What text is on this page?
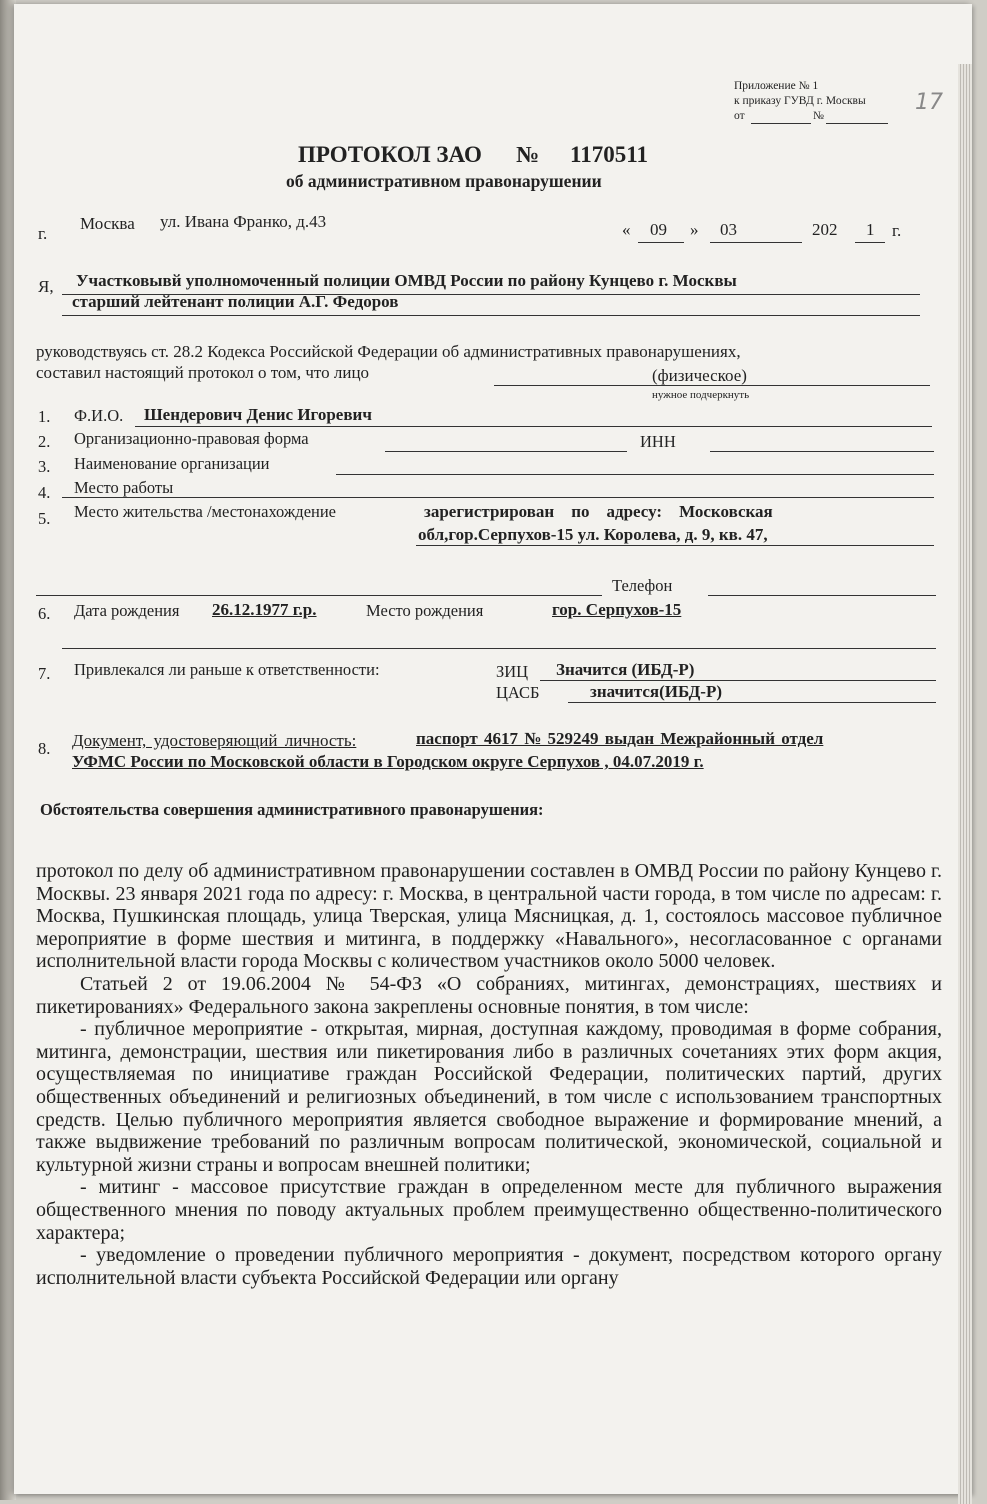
Приложение № 1
к приказу ГУВД г. Москвы
от	№
17
ПРОТОКОЛ ЗАО № 1170511
об административном правонарушении
г.
Москва ул. Ивана Франко, д.43	« 09 » 03	202 1 г.
Я, Участковывй уполномоченный полиции ОМВД России по району Кунцево г. Москвы
старший лейтенант полиции А.Г. Федоров
руководствуясь ст. 28.2 Кодекса Российской Федерации об административных правонарушениях,
составил настоящий протокол о том, что лицо	(физическое)
нужное подчеркнуть
1. Ф.И.О. Шендерович Денис Игоревич
2. Организационно-правовая форма	ИНН
3. Наименование организации
4. Место работы
5. Место жительства /местонахождение	зарегистрирован    по    адресу:    Московская
обл,гор.Серпухов-15 ул. Королева, д. 9, кв. 47,
Телефон
6. Дата рождения 26.12.1977 г.р.	Место рождения	гор. Серпухов-15
7. Привлекался ли раньше к ответственности:	ЗИЦ Значится (ИБД-Р)
ЦАСБ	значится(ИБД-Р)
8. Документ, удостоверяющий личность:	паспорт 4617 № 529249 выдан Межрайонный отдел
УФМС России по Московской области в Городском округе Серпухов , 04.07.2019 г.
Обстоятельства совершения административного правонарушения:

протокол по делу об административном правонарушении составлен в ОМВД России по району Кунцево г. Москвы. 23 января 2021 года по адресу: г. Москва, в центральной части города, в том числе по адресам: г. Москва, Пушкинская площадь, улица Тверская, улица Мясницкая, д. 1, состоялось массовое публичное мероприятие в форме шествия и митинга, в поддержку «Навального», несогласованное с органами исполнительной власти города Москвы с количеством участников около 5000 человек.

Статьей 2 от 19.06.2004 № 54-ФЗ «О собраниях, митингах, демонстрациях, шествиях и пикетированиях» Федерального закона закреплены основные понятия, в том числе:

- публичное мероприятие - открытая, мирная, доступная каждому, проводимая в форме собрания, митинга, демонстрации, шествия или пикетирования либо в различных сочетаниях этих форм акция, осуществляемая по инициативе граждан Российской Федерации, политических партий, других общественных объединений и религиозных объединений, в том числе с использованием транспортных средств. Целью публичного мероприятия является свободное выражение и формирование мнений, а также выдвижение требований по различным вопросам политической, экономической, социальной и культурной жизни страны и вопросам внешней политики;

- митинг - массовое присутствие граждан в определенном месте для публичного выражения общественного мнения по поводу актуальных проблем преимущественно общественно-политического характера;

- уведомление о проведении публичного мероприятия - документ, посредством которого органу исполнительной власти субъекта Российской Федерации или органу
